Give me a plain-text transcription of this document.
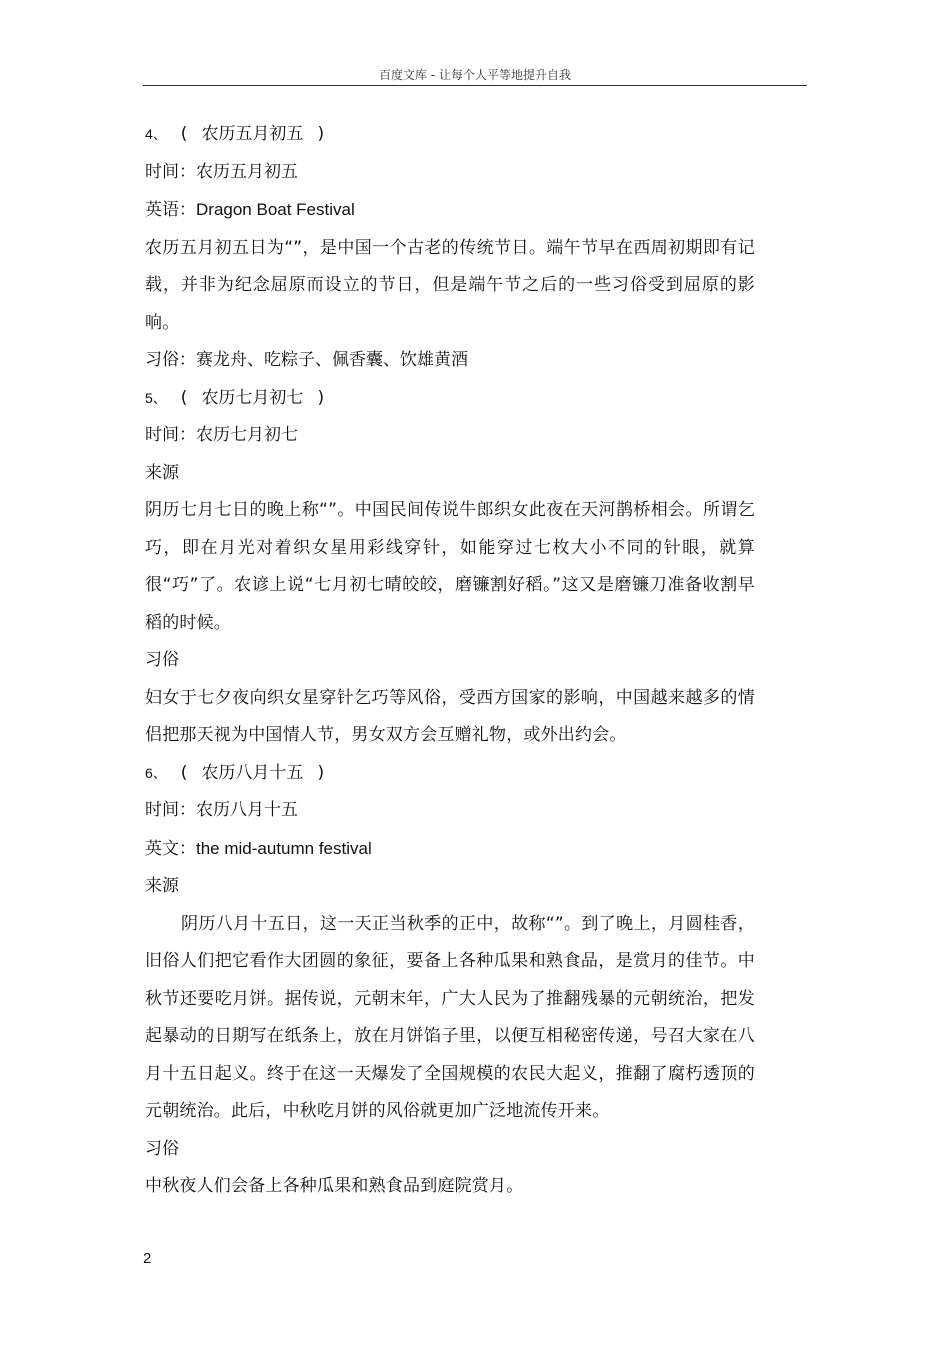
百度文库 - 让每个人平等地提升自我
4、 ( 农历五月初五 )
时间：农历五月初五
英语：Dragon Boat Festival
农历五月初五日为“”，是中国一个古老的传统节日。端午节早在西周初期即有记载，并非为纪念屈原而设立的节日，但是端午节之后的一些习俗受到屈原的影响。
习俗：赛龙舟、吃粽子、佩香囊、饮雄黄酒
5、 ( 农历七月初七 )
时间：农历七月初七
来源
阴历七月七日的晚上称“”。中国民间传说牛郎织女此夜在天河鹊桥相会。所谓乞巧，即在月光对着织女星用彩线穿针，如能穿过七枚大小不同的针眼，就算很“巧”了。农谚上说“七月初七晴皎皎，磨镰割好稻。”这又是磨镰刀准备收割早稻的时候。
习俗
妇女于七夕夜向织女星穿针乞巧等风俗，受西方国家的影响，中国越来越多的情侣把那天视为中国情人节，男女双方会互赠礼物，或外出约会。
6、 ( 农历八月十五 )
时间：农历八月十五
英文：the mid-autumn festival
来源
阴历八月十五日，这一天正当秋季的正中，故称“”。到了晚上，月圆桂香，旧俗人们把它看作大团圆的象征，要备上各种瓜果和熟食品，是赏月的佳节。中秋节还要吃月饼。据传说，元朝末年，广大人民为了推翻残暴的元朝统治，把发起暴动的日期写在纸条上，放在月饼馅子里，以便互相秘密传递，号召大家在八月十五日起义。终于在这一天爆发了全国规模的农民大起义，推翻了腐朽透顶的元朝统治。此后，中秋吃月饼的风俗就更加广泛地流传开来。
习俗
中秋夜人们会备上各种瓜果和熟食品到庭院赏月。
2
